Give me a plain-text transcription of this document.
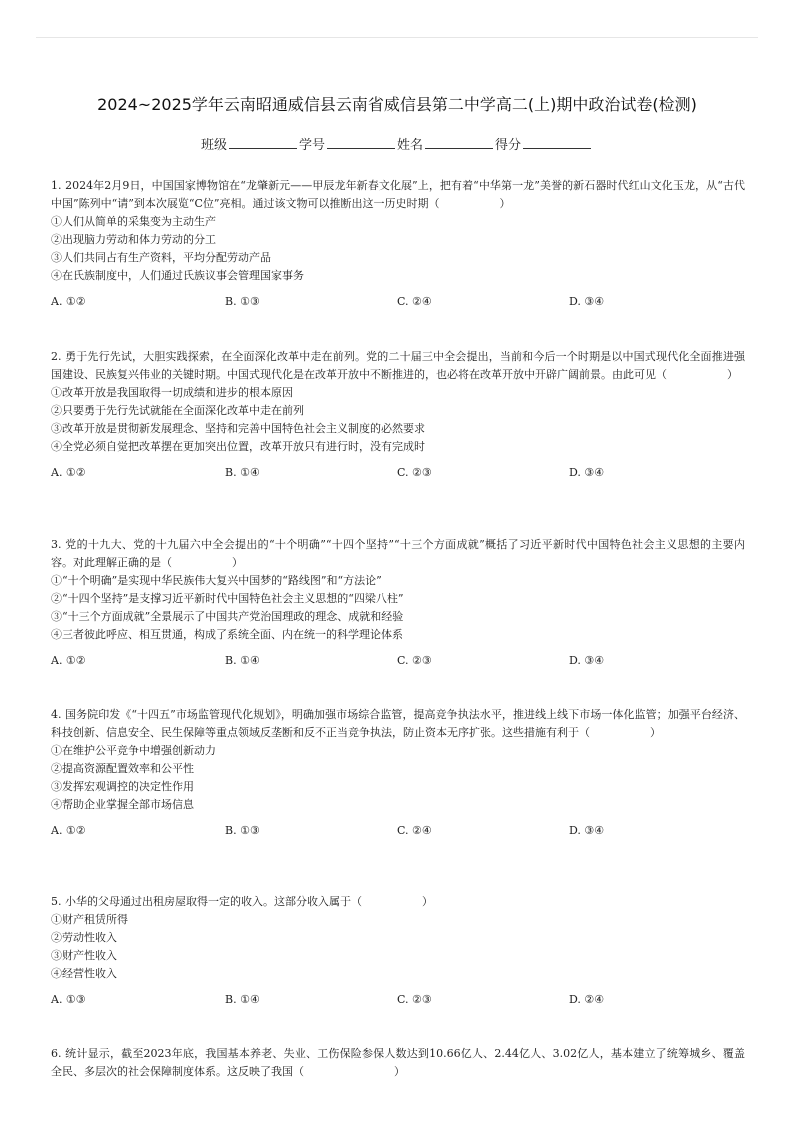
2024~2025学年云南昭通威信县云南省威信县第二中学高二(上)期中政治试卷(检测)
班级	学号	姓名	得分
1. 2024年2月9日，中国国家博物馆在“龙肇新元——甲辰龙年新春文化展”上，把有着“中华第一龙”美誉的新石器时代红山文化玉龙，从“古代中国”陈列中“请”到本次展览“C位”亮相。通过该文物可以推断出这一历史时期（	）
①人们从简单的采集变为主动生产
②出现脑力劳动和体力劳动的分工
③人们共同占有生产资料，平均分配劳动产品
④在氏族制度中，人们通过氏族议事会管理国家事务
A. ①②	B. ①③	C. ②④	D. ③④
2. 勇于先行先试，大胆实践探索，在全面深化改革中走在前列。党的二十届三中全会提出，当前和今后一个时期是以中国式现代化全面推进强国建设、民族复兴伟业的关键时期。中国式现代化是在改革开放中不断推进的，也必将在改革开放中开辟广阔前景。由此可见（	）
①改革开放是我国取得一切成绩和进步的根本原因
②只要勇于先行先试就能在全面深化改革中走在前列
③改革开放是贯彻新发展理念、坚持和完善中国特色社会主义制度的必然要求
④全党必须自觉把改革摆在更加突出位置，改革开放只有进行时，没有完成时
A. ①②	B. ①④	C. ②③	D. ③④
3. 党的十九大、党的十九届六中全会提出的“十个明确”“十四个坚持”“十三个方面成就”概括了习近平新时代中国特色社会主义思想的主要内容。对此理解正确的是（	）
①“十个明确”是实现中华民族伟大复兴中国梦的“路线图”和“方法论”
②“十四个坚持”是支撑习近平新时代中国特色社会主义思想的“四梁八柱”
③“十三个方面成就”全景展示了中国共产党治国理政的理念、成就和经验
④三者彼此呼应、相互贯通，构成了系统全面、内在统一的科学理论体系
A. ①②	B. ①④	C. ②③	D. ③④
4. 国务院印发《“十四五”市场监管现代化规划》，明确加强市场综合监管，提高竞争执法水平，推进线上线下市场一体化监管；加强平台经济、科技创新、信息安全、民生保障等重点领域反垄断和反不正当竞争执法，防止资本无序扩张。这些措施有利于（	）
①在维护公平竞争中增强创新动力
②提高资源配置效率和公平性
③发挥宏观调控的决定性作用
④帮助企业掌握全部市场信息
A. ①②	B. ①③	C. ②④	D. ③④
5. 小华的父母通过出租房屋取得一定的收入。这部分收入属于（	）
①财产租赁所得
②劳动性收入
③财产性收入
④经营性收入
A. ①③	B. ①④	C. ②③	D. ②④
6. 统计显示，截至2023年底，我国基本养老、失业、工伤保险参保人数达到10.66亿人、2.44亿人、3.02亿人，基本建立了统筹城乡、覆盖全民、多层次的社会保障制度体系。这反映了我国（	）
